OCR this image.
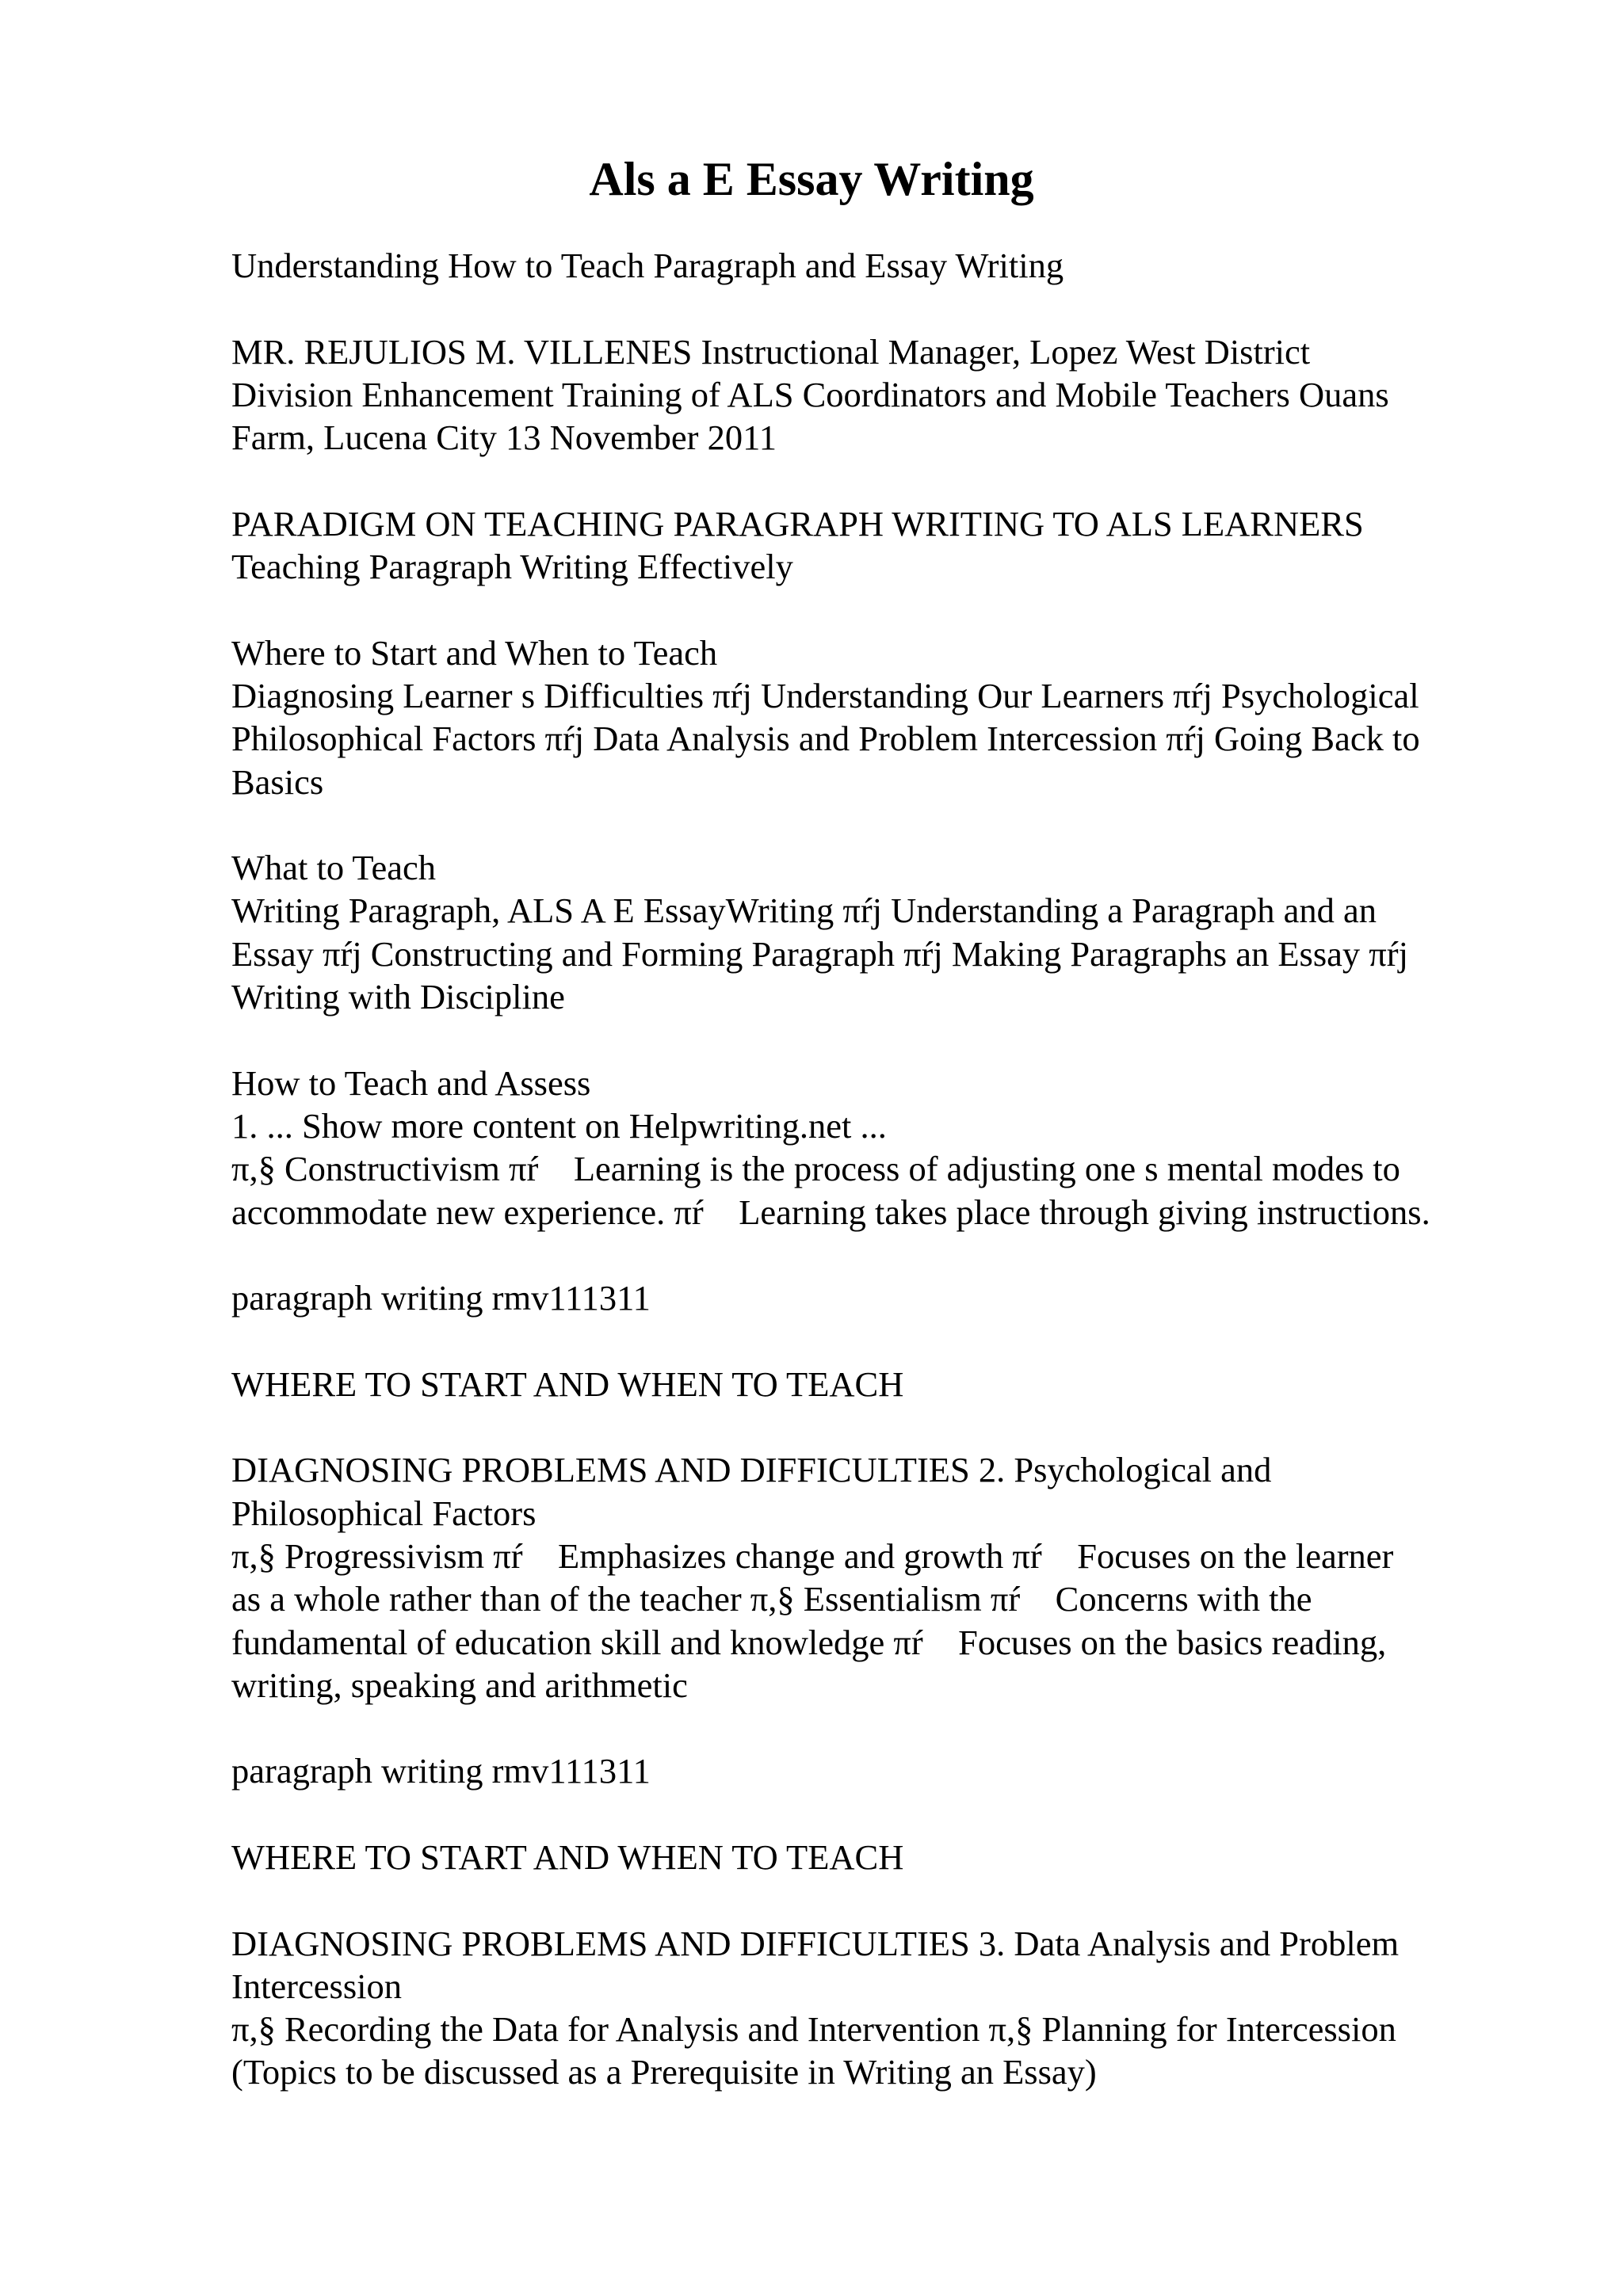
Als a E Essay Writing

Understanding How to Teach Paragraph and Essay Writing

MR. REJULIOS M. VILLENES Instructional Manager, Lopez West District
Division Enhancement Training of ALS Coordinators and Mobile Teachers Ouans
Farm, Lucena City 13 November 2011

PARADIGM ON TEACHING PARAGRAPH WRITING TO ALS LEARNERS
Teaching Paragraph Writing Effectively

Where to Start and When to Teach
Diagnosing Learner s Difficulties πŕj Understanding Our Learners πŕj Psychological
Philosophical Factors πŕj Data Analysis and Problem Intercession πŕj Going Back to
Basics

What to Teach
Writing Paragraph, ALS A E EssayWriting πŕj Understanding a Paragraph and an
Essay πŕj Constructing and Forming Paragraph πŕj Making Paragraphs an Essay πŕj
Writing with Discipline

How to Teach and Assess
1. ... Show more content on Helpwriting.net ...
π,§ Constructivism πŕ    Learning is the process of adjusting one s mental modes to
accommodate new experience. πŕ    Learning takes place through giving instructions.

paragraph writing rmv111311

WHERE TO START AND WHEN TO TEACH

DIAGNOSING PROBLEMS AND DIFFICULTIES 2. Psychological and
Philosophical Factors
π,§ Progressivism πŕ    Emphasizes change and growth πŕ    Focuses on the learner
as a whole rather than of the teacher π,§ Essentialism πŕ    Concerns with the
fundamental of education skill and knowledge πŕ    Focuses on the basics reading,
writing, speaking and arithmetic

paragraph writing rmv111311

WHERE TO START AND WHEN TO TEACH

DIAGNOSING PROBLEMS AND DIFFICULTIES 3. Data Analysis and Problem
Intercession
π,§ Recording the Data for Analysis and Intervention π,§ Planning for Intercession
(Topics to be discussed as a Prerequisite in Writing an Essay)
